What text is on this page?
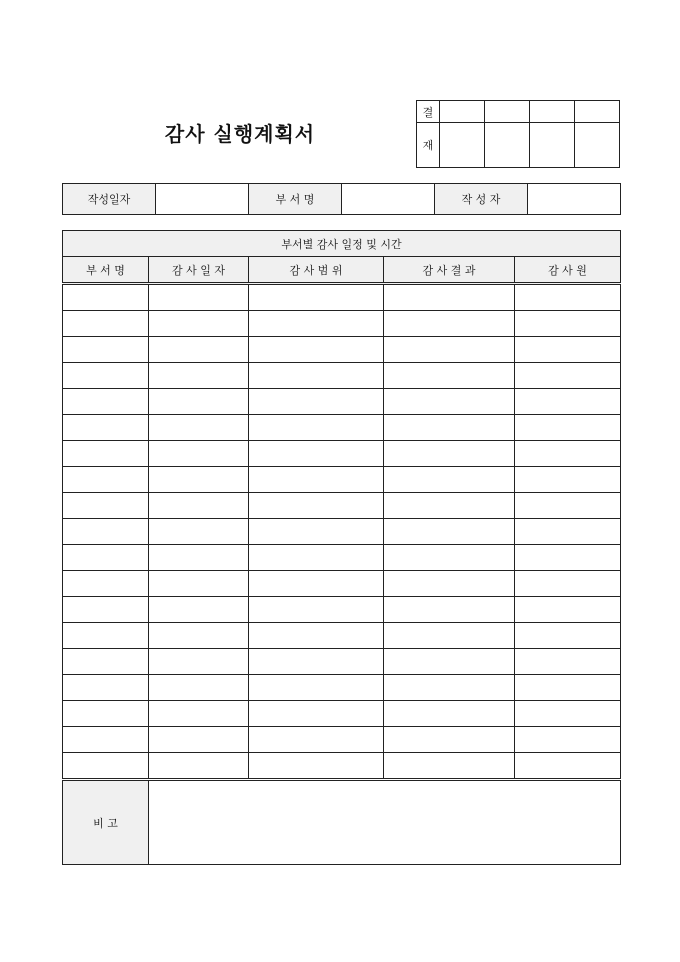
감사 실행계획서
결				
재				
작성일자		부 서 명		작 성 자	
부서별 감사 일정 및 시간				
부 서 명	감 사 일 자	감 사 범 위	감 사 결 과	감 사 원

비 고				
